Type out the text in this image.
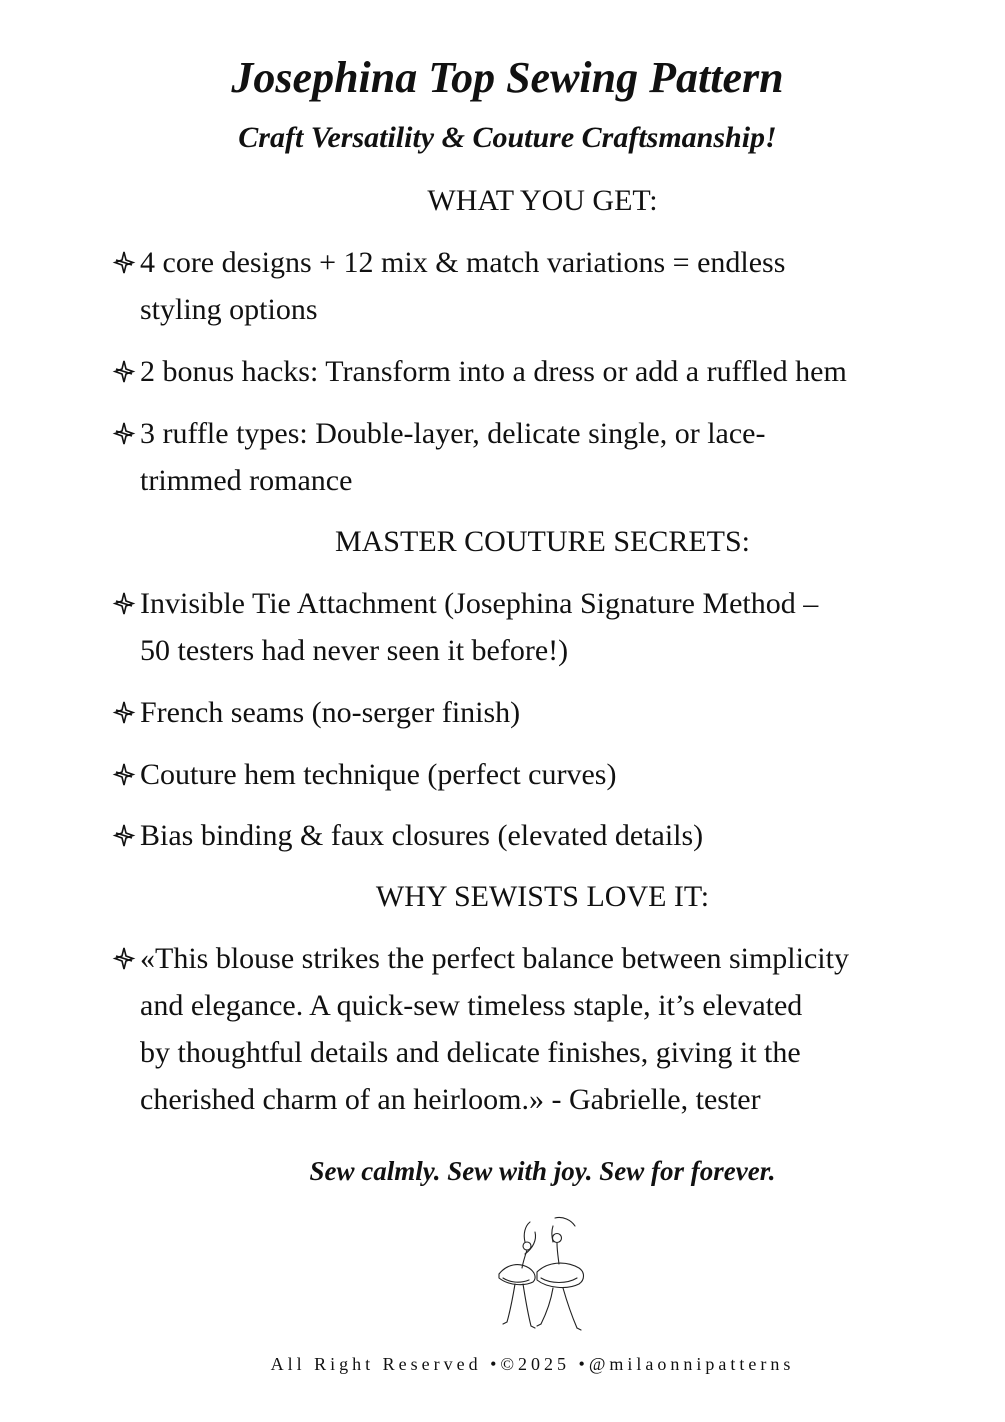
Josephina Top Sewing Pattern
Craft Versatility & Couture Craftsmanship!
WHAT YOU GET:
4 core designs + 12 mix & match variations = endless
styling options
2 bonus hacks: Transform into a dress or add a ruffled hem
3 ruffle types: Double-layer, delicate single, or lace-
trimmed romance
MASTER COUTURE SECRETS:
Invisible Tie Attachment (Josephina Signature Method –
50 testers had never seen it before!)
French seams (no-serger finish)
Couture hem technique (perfect curves)
Bias binding & faux closures (elevated details)
WHY SEWISTS LOVE IT:
«This blouse strikes the perfect balance between simplicity
and elegance. A quick-sew timeless staple, it’s elevated
by thoughtful details and delicate finishes, giving it the
cherished charm of an heirloom.» - Gabrielle, tester
Sew calmly. Sew with joy. Sew for forever.
All Right Reserved •©2025 •@milaonnipatterns
